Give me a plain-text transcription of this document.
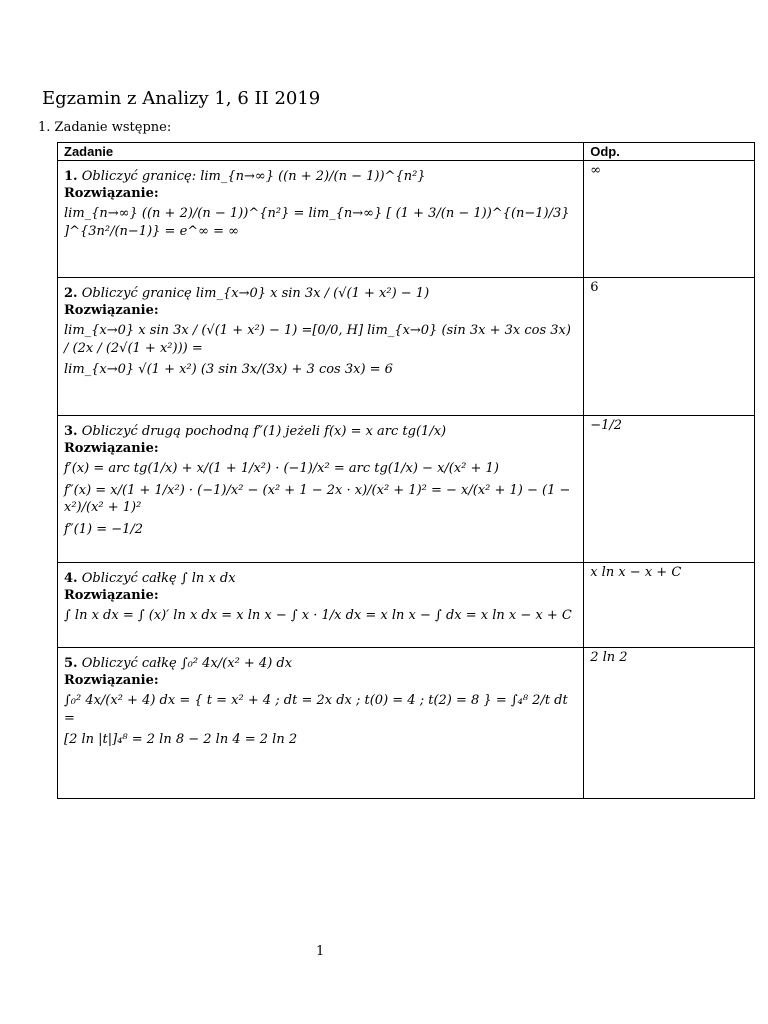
Egzamin z Analizy 1, 6 II 2019
1. Zadanie wstępne:
Zadanie	Odp.

1. Obliczyć granicę: lim_{n→∞} ((n + 2)/(n − 1))^{n²}
Rozwiązanie:
lim_{n→∞} ((n + 2)/(n − 1))^{n²} = lim_{n→∞} [ (1 + 3/(n − 1))^{(n−1)/3} ]^{3n²/(n−1)} = e^∞ = ∞	∞

2. Obliczyć granicę lim_{x→0} x sin 3x / (√(1 + x²) − 1)
Rozwiązanie:
lim_{x→0} x sin 3x / (√(1 + x²) − 1) =[0/0, H] lim_{x→0} (sin 3x + 3x cos 3x) / (2x / (2√(1 + x²))) =
lim_{x→0} √(1 + x²) (3 sin 3x/(3x) + 3 cos 3x) = 6	6

3. Obliczyć drugą pochodną f″(1) jeżeli f(x) = x arc tg(1/x)
Rozwiązanie:
f′(x) = arc tg(1/x) + x/(1 + 1/x²) · (−1)/x² = arc tg(1/x) − x/(x² + 1)
f″(x) = x/(1 + 1/x²) · (−1)/x² − (x² + 1 − 2x · x)/(x² + 1)² = − x/(x² + 1) − (1 − x²)/(x² + 1)²
f″(1) = −1/2	−1/2

4. Obliczyć całkę ∫ ln x dx
Rozwiązanie:
∫ ln x dx = ∫ (x)′ ln x dx = x ln x − ∫ x · 1/x dx = x ln x − ∫ dx = x ln x − x + C	x ln x − x + C

5. Obliczyć całkę ∫₀² 4x/(x² + 4) dx
Rozwiązanie:
∫₀² 4x/(x² + 4) dx = { t = x² + 4 ; dt = 2x dx ; t(0) = 4 ; t(2) = 8 } = ∫₄⁸ 2/t dt =
[2 ln |t|]₄⁸ = 2 ln 8 − 2 ln 4 = 2 ln 2	2 ln 2
1
